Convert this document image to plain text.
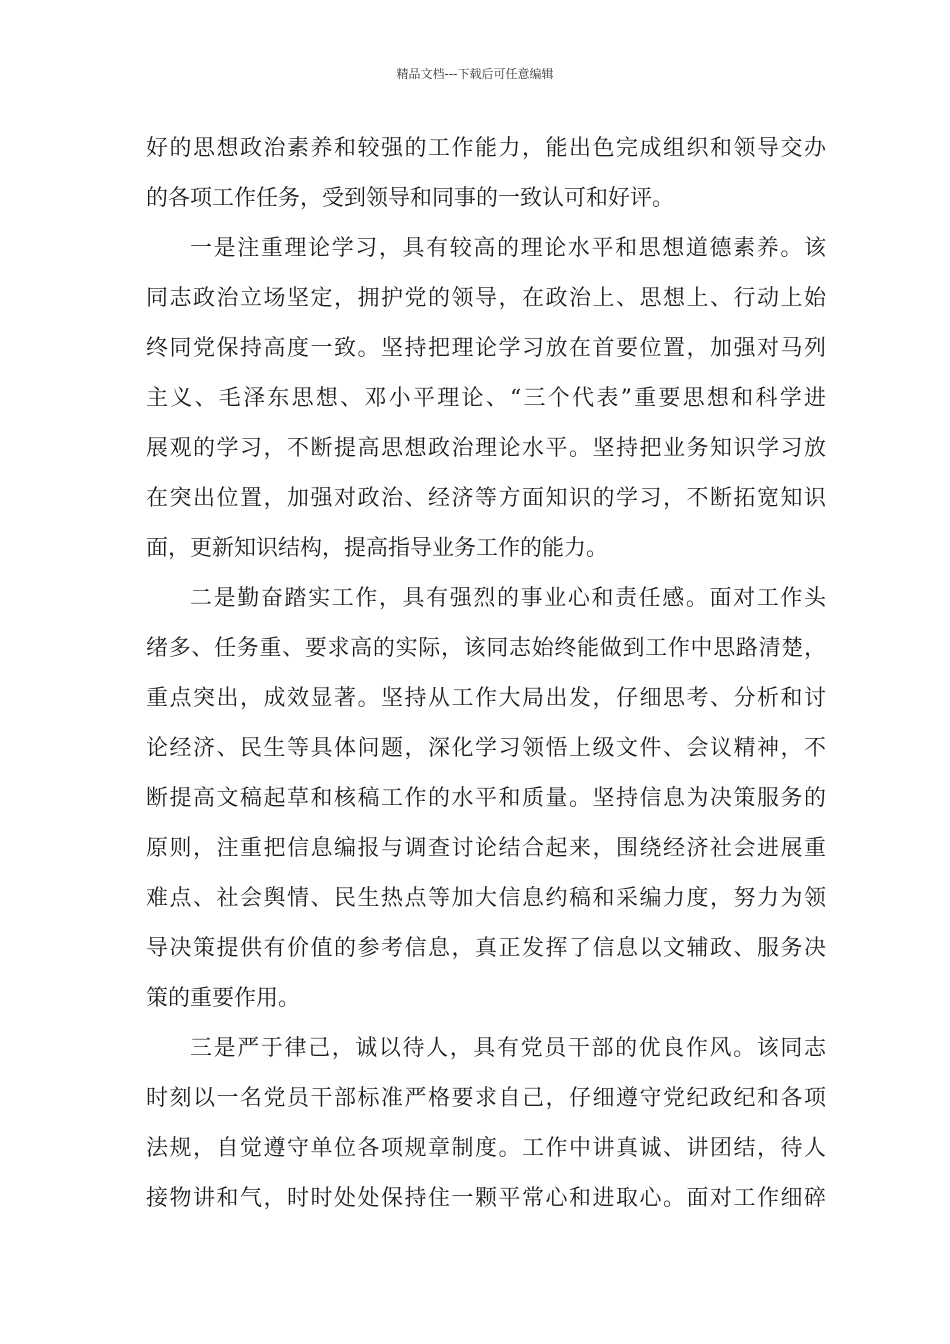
精品文档---下载后可任意编辑
好的思想政治素养和较强的工作能力，能出色完成组织和领导交办
的各项工作任务，受到领导和同事的一致认可和好评。
一是注重理论学习，具有较高的理论水平和思想道德素养。该
同志政治立场坚定，拥护党的领导，在政治上、思想上、行动上始
终同党保持高度一致。坚持把理论学习放在首要位置，加强对马列
主义、毛泽东思想、邓小平理论、“三个代表”重要思想和科学进
展观的学习，不断提高思想政治理论水平。坚持把业务知识学习放
在突出位置，加强对政治、经济等方面知识的学习，不断拓宽知识
面，更新知识结构，提高指导业务工作的能力。
二是勤奋踏实工作，具有强烈的事业心和责任感。面对工作头
绪多、任务重、要求高的实际，该同志始终能做到工作中思路清楚，
重点突出，成效显著。坚持从工作大局出发，仔细思考、分析和讨
论经济、民生等具体问题，深化学习领悟上级文件、会议精神，不
断提高文稿起草和核稿工作的水平和质量。坚持信息为决策服务的
原则，注重把信息编报与调查讨论结合起来，围绕经济社会进展重
难点、社会舆情、民生热点等加大信息约稿和采编力度，努力为领
导决策提供有价值的参考信息，真正发挥了信息以文辅政、服务决
策的重要作用。
三是严于律己，诚以待人，具有党员干部的优良作风。该同志
时刻以一名党员干部标准严格要求自己，仔细遵守党纪政纪和各项
法规，自觉遵守单位各项规章制度。工作中讲真诚、讲团结，待人
接物讲和气，时时处处保持住一颗平常心和进取心。面对工作细碎
